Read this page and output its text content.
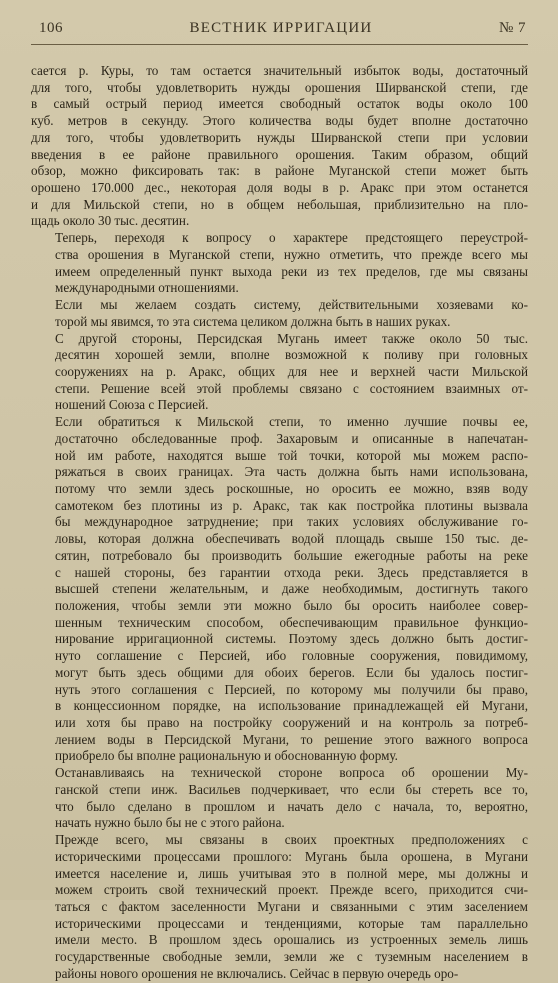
106	ВЕСТНИК ИРРИГАЦИИ	№ 7

сается р. Куры, то там остается значительный избыток воды, достаточный
для того, чтобы удовлетворить нужды орошения Ширванской степи, где
в самый острый период имеется свободный остаток воды около 100
куб. метров в секунду. Этого количества воды будет вполне достаточно
для того, чтобы удовлетворить нужды Ширванской степи при условии
введения в ее районе правильного орошения. Таким образом, общий
обзор, можно фиксировать так: в районе Муганской степи может быть
орошено 170.000 дес., некоторая доля воды в р. Аракс при этом останется
и для Мильской степи, но в общем небольшая, приблизительно на пло-
щадь около 30 тыс. десятин.

Теперь, переходя к вопросу о характере предстоящего переустрой-
ства орошения в Муганской степи, нужно отметить, что прежде всего мы
имеем определенный пункт выхода реки из тех пределов, где мы связаны
международными отношениями.

Если мы желаем создать систему, действительными хозяевами ко-
торой мы явимся, то эта система целиком должна быть в наших руках.

С другой стороны, Персидская Мугань имеет также около 50 тыс.
десятин хорошей земли, вполне возможной к поливу при головных
сооружениях на р. Аракс, общих для нее и верхней части Мильской
степи. Решение всей этой проблемы связано с состоянием взаимных от-
ношений Союза с Персией.

Если обратиться к Мильской степи, то именно лучшие почвы ее,
достаточно обследованные проф. Захаровым и описанные в напечатан-
ной им работе, находятся выше той точки, которой мы можем распо-
ряжаться в своих границах. Эта часть должна быть нами использована,
потому что земли здесь роскошные, но оросить ее можно, взяв воду
самотеком без плотины из р. Аракс, так как постройка плотины вызвала
бы международное затруднение; при таких условиях обслуживание го-
ловы, которая должна обеспечивать водой площадь свыше 150 тыс. де-
сятин, потребовало бы производить большие ежегодные работы на реке
с нашей стороны, без гарантии отхода реки. Здесь представляется в
высшей степени желательным, и даже необходимым, достигнуть такого
положения, чтобы земли эти можно было бы оросить наиболее совер-
шенным техническим способом, обеспечивающим правильное функцио-
нирование ирригационной системы. Поэтому здесь должно быть достиг-
нуто соглашение с Персией, ибо головные сооружения, повидимому,
могут быть здесь общими для обоих берегов. Если бы удалось постиг-
нуть этого соглашения с Персией, по которому мы получили бы право,
в концессионном порядке, на использование принадлежащей ей Мугани,
или хотя бы право на постройку сооружений и на контроль за потреб-
лением воды в Персидской Мугани, то решение этого важного вопроса
приобрело бы вполне рациональную и обоснованную форму.

Останавливаясь на технической стороне вопроса об орошении Му-
ганской степи инж. Васильев подчеркивает, что если бы стереть все то,
что было сделано в прошлом и начать дело с начала, то, вероятно,
начать нужно было бы не с этого района.

Прежде всего, мы связаны в своих проектных предположениях с
историческими процессами прошлого: Мугань была орошена, в Мугани
имеется население и, лишь учитывая это в полной мере, мы должны и
можем строить свой технический проект. Прежде всего, приходится счи-
таться с фактом заселенности Мугани и связанными с этим заселением
историческими процессами и тенденциями, которые там параллельно
имели место. В прошлом здесь орошались из устроенных земель лишь
государственные свободные земли, земли же с туземным населением в
районы нового орошения не включались. Сейчас в первую очередь оро-
